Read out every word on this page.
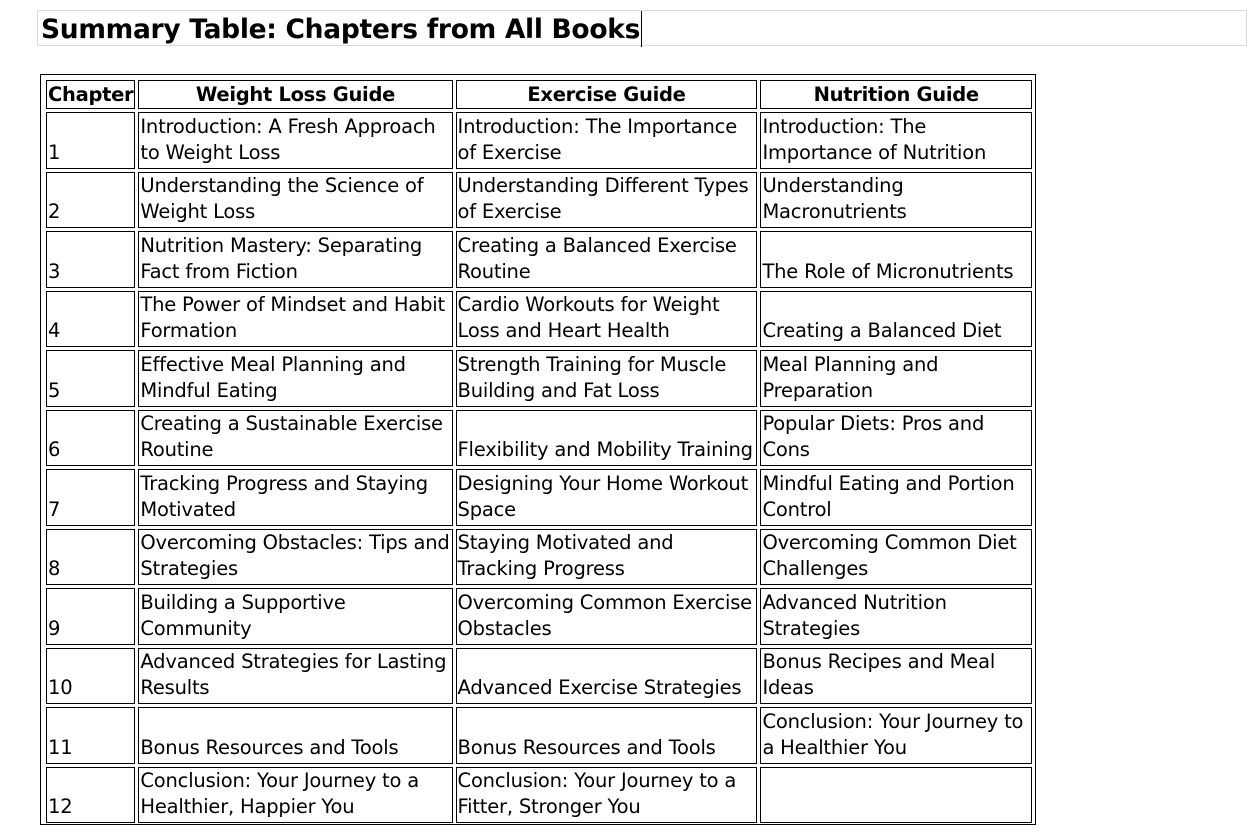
Summary Table: Chapters from All Books
Chapter	Weight Loss Guide	Exercise Guide	Nutrition Guide
1	Introduction: A Fresh Approach to Weight Loss	Introduction: The Importance of Exercise	Introduction: The Importance of Nutrition
2	Understanding the Science of Weight Loss	Understanding Different Types of Exercise	Understanding Macronutrients
3	Nutrition Mastery: Separating Fact from Fiction	Creating a Balanced Exercise Routine	The Role of Micronutrients
4	The Power of Mindset and Habit Formation	Cardio Workouts for Weight Loss and Heart Health	Creating a Balanced Diet
5	Effective Meal Planning and Mindful Eating	Strength Training for Muscle Building and Fat Loss	Meal Planning and Preparation
6	Creating a Sustainable Exercise Routine	Flexibility and Mobility Training	Popular Diets: Pros and Cons
7	Tracking Progress and Staying Motivated	Designing Your Home Workout Space	Mindful Eating and Portion Control
8	Overcoming Obstacles: Tips and Strategies	Staying Motivated and Tracking Progress	Overcoming Common Diet Challenges
9	Building a Supportive Community	Overcoming Common Exercise Obstacles	Advanced Nutrition Strategies
10	Advanced Strategies for Lasting Results	Advanced Exercise Strategies	Bonus Recipes and Meal Ideas
11	Bonus Resources and Tools	Bonus Resources and Tools	Conclusion: Your Journey to a Healthier You
12	Conclusion: Your Journey to a Healthier, Happier You	Conclusion: Your Journey to a Fitter, Stronger You	
